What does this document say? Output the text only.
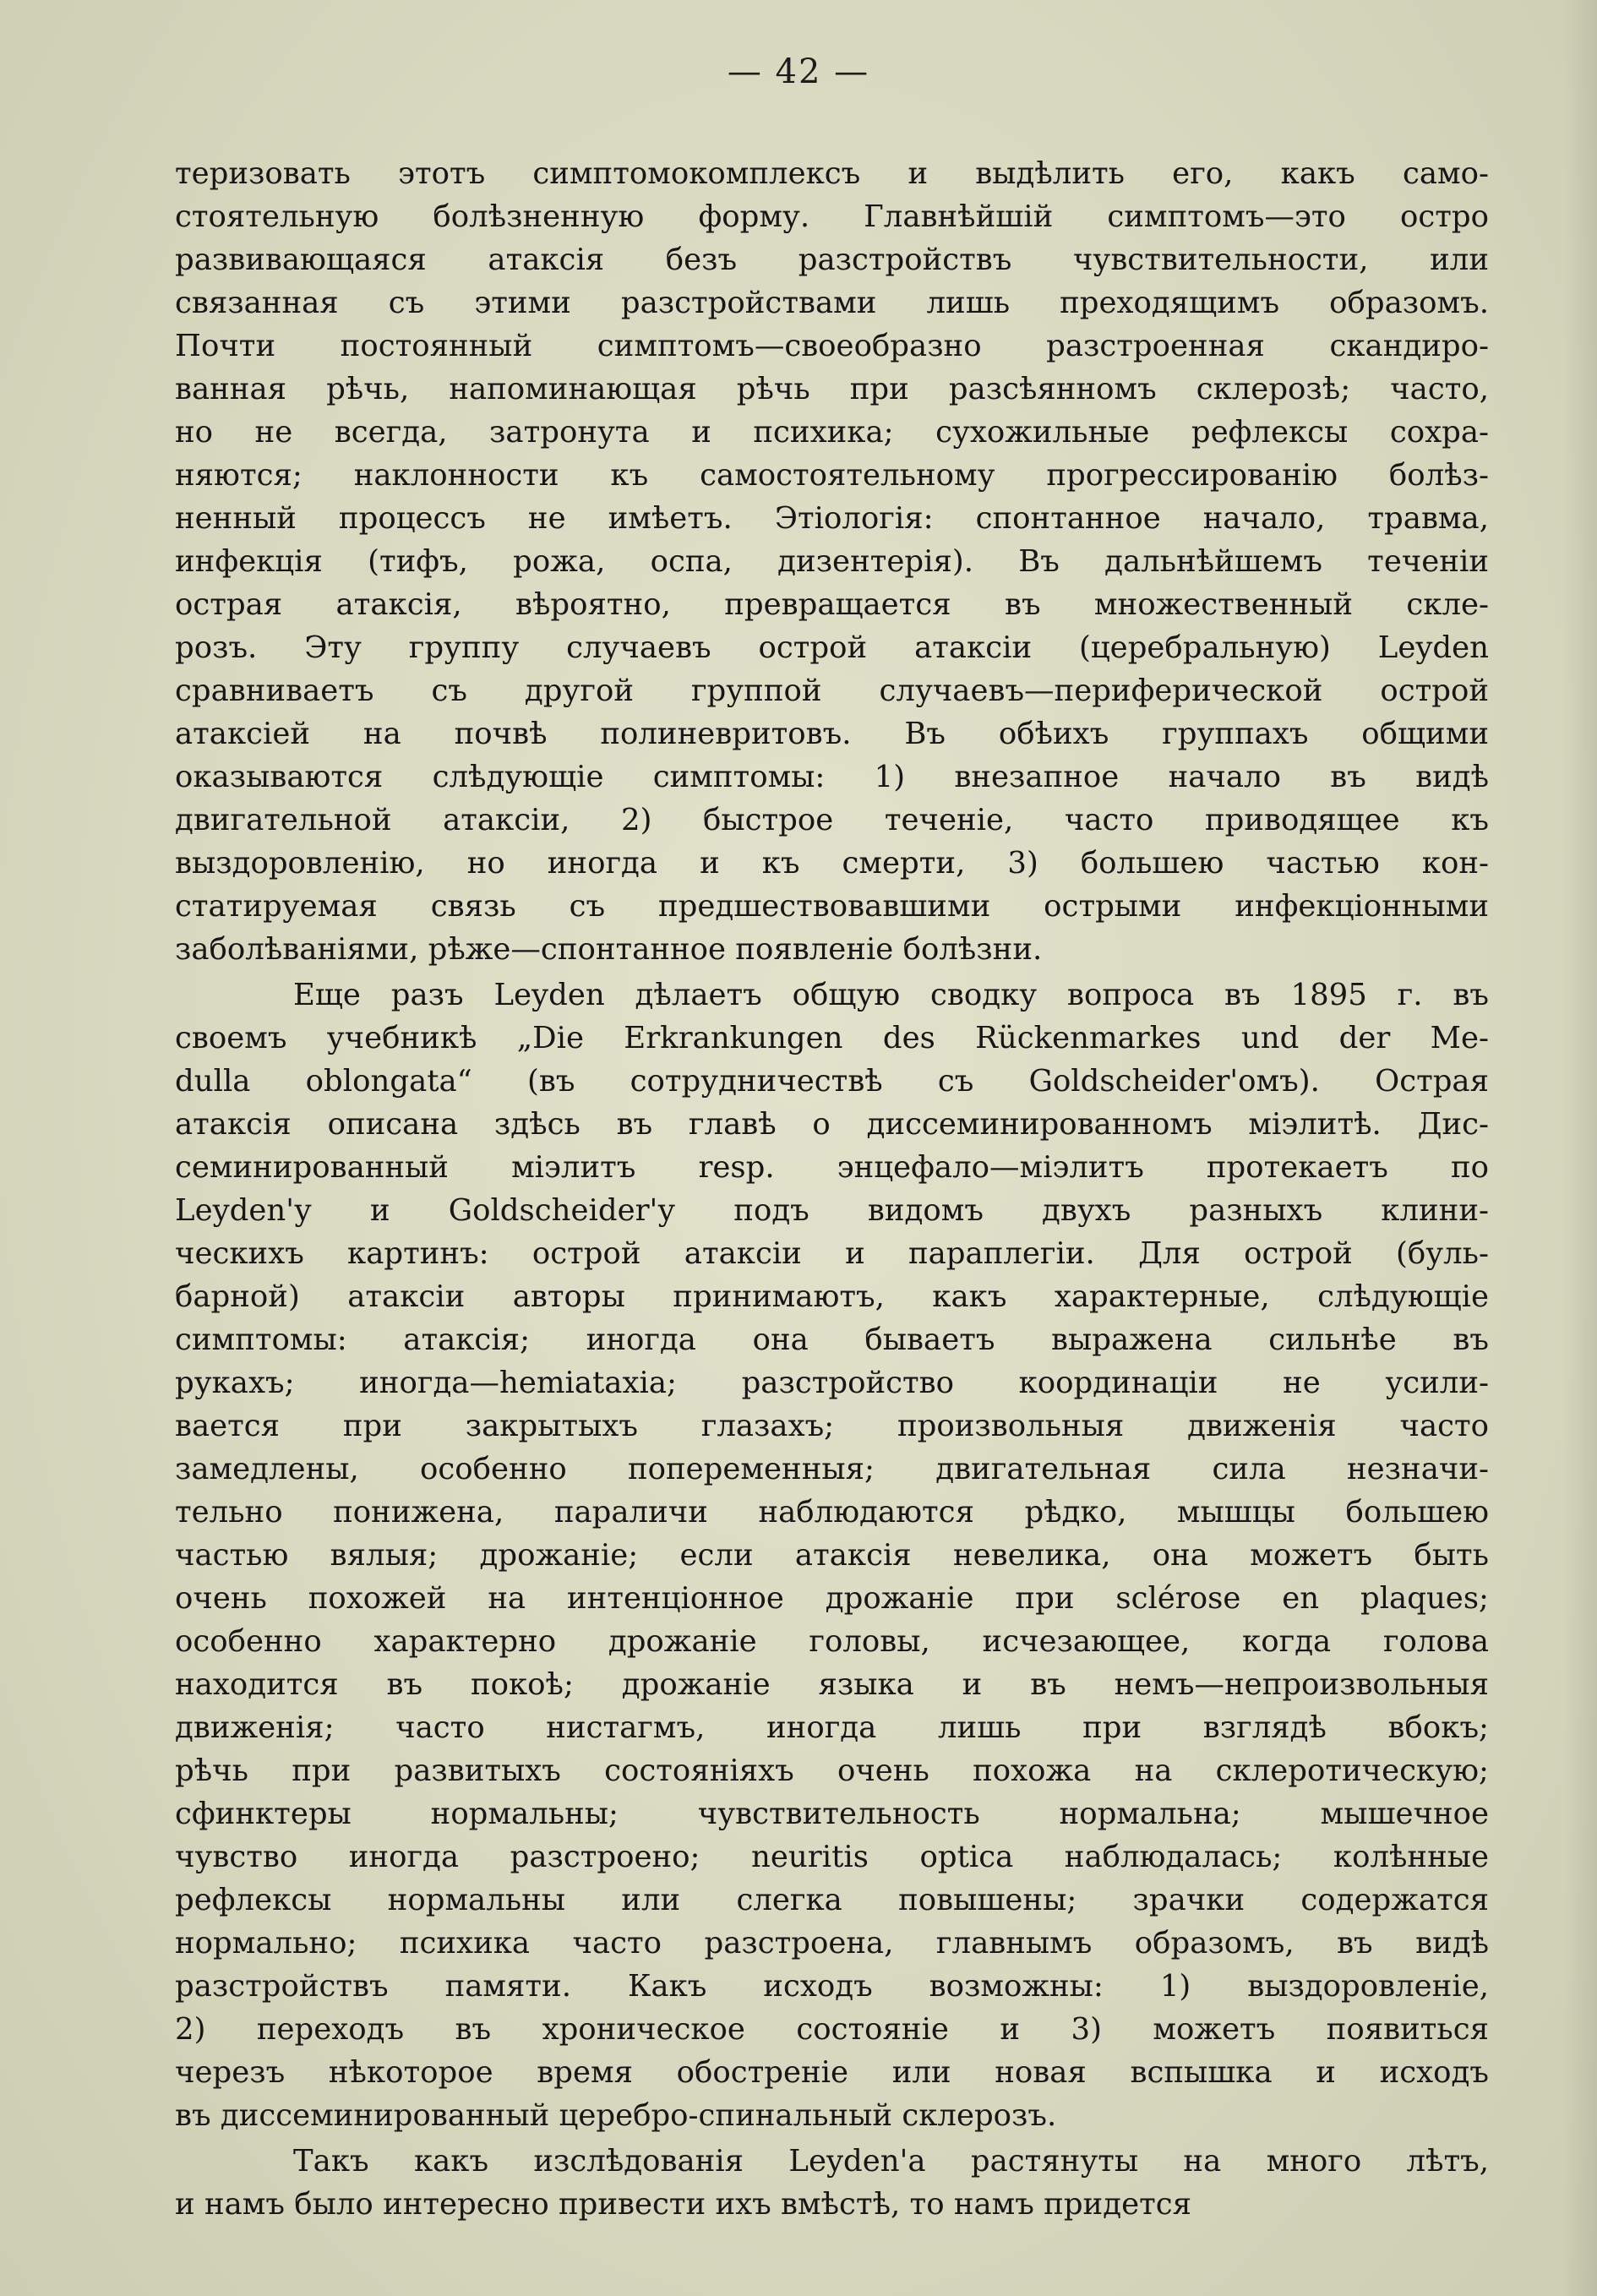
— 42 —
теризовать этотъ симптомокомплексъ и выдѣлить его, какъ само-
стоятельную болѣзненную форму. Главнѣйшій симптомъ—это остро
развивающаяся атаксія безъ разстройствъ чувствительности, или
связанная съ этими разстройствами лишь преходящимъ образомъ.
Почти постоянный симптомъ—своеобразно разстроенная скандиро-
ванная рѣчь, напоминающая рѣчь при разсѣянномъ склерозѣ; часто,
но не всегда, затронута и психика; сухожильные рефлексы сохра-
няются; наклонности къ самостоятельному прогрессированію болѣз-
ненный процессъ не имѣетъ. Этіологія: спонтанное начало, травма,
инфекція (тифъ, рожа, оспа, дизентерія). Въ дальнѣйшемъ теченіи
острая атаксія, вѣроятно, превращается въ множественный скле-
розъ. Эту группу случаевъ острой атаксіи (церебральную) Leyden
сравниваетъ съ другой группой случаевъ—периферической острой
атаксіей на почвѣ полиневритовъ. Въ обѣихъ группахъ общими
оказываются слѣдующіе симптомы: 1) внезапное начало въ видѣ
двигательной атаксіи, 2) быстрое теченіе, часто приводящее къ
выздоровленію, но иногда и къ смерти, 3) большею частью кон-
статируемая связь съ предшествовавшими острыми инфекціонными
заболѣваніями, рѣже—спонтанное появленіе болѣзни.
Еще разъ Leyden дѣлаетъ общую сводку вопроса въ 1895 г. въ
своемъ учебникѣ „Die Erkrankungen des Rückenmarkes und der Me-
dulla oblongata“ (въ сотрудничествѣ съ Goldscheider'омъ). Острая
атаксія описана здѣсь въ главѣ о диссеминированномъ міэлитѣ. Дис-
семинированный міэлитъ resp. энцефало—міэлитъ протекаетъ по
Leyden'у и Goldscheider'у подъ видомъ двухъ разныхъ клини-
ческихъ картинъ: острой атаксіи и параплегіи. Для острой (буль-
барной) атаксіи авторы принимаютъ, какъ характерные, слѣдующіе
симптомы: атаксія; иногда она бываетъ выражена сильнѣе въ
рукахъ; иногда—hemiataxia; разстройство координаціи не усили-
вается при закрытыхъ глазахъ; произвольныя движенія часто
замедлены, особенно попеременныя; двигательная сила незначи-
тельно понижена, параличи наблюдаются рѣдко, мышцы большею
частью вялыя; дрожаніе; если атаксія невелика, она можетъ быть
очень похожей на интенціонное дрожаніе при sclérose en plaques;
особенно характерно дрожаніе головы, исчезающее, когда голова
находится въ покоѣ; дрожаніе языка и въ немъ—непроизвольныя
движенія; часто нистагмъ, иногда лишь при взглядѣ вбокъ;
рѣчь при развитыхъ состояніяхъ очень похожа на склеротическую;
сфинктеры нормальны; чувствительность нормальна; мышечное
чувство иногда разстроено; neuritis optica наблюдалась; колѣнные
рефлексы нормальны или слегка повышены; зрачки содержатся
нормально; психика часто разстроена, главнымъ образомъ, въ видѣ
разстройствъ памяти. Какъ исходъ возможны: 1) выздоровленіе,
2) переходъ въ хроническое состояніе и 3) можетъ появиться
черезъ нѣкоторое время обостреніе или новая вспышка и исходъ
въ диссеминированный церебро-спинальный склерозъ.
Такъ какъ изслѣдованія Leyden'а растянуты на много лѣтъ,
и намъ было интересно привести ихъ вмѣстѣ, то намъ придется
